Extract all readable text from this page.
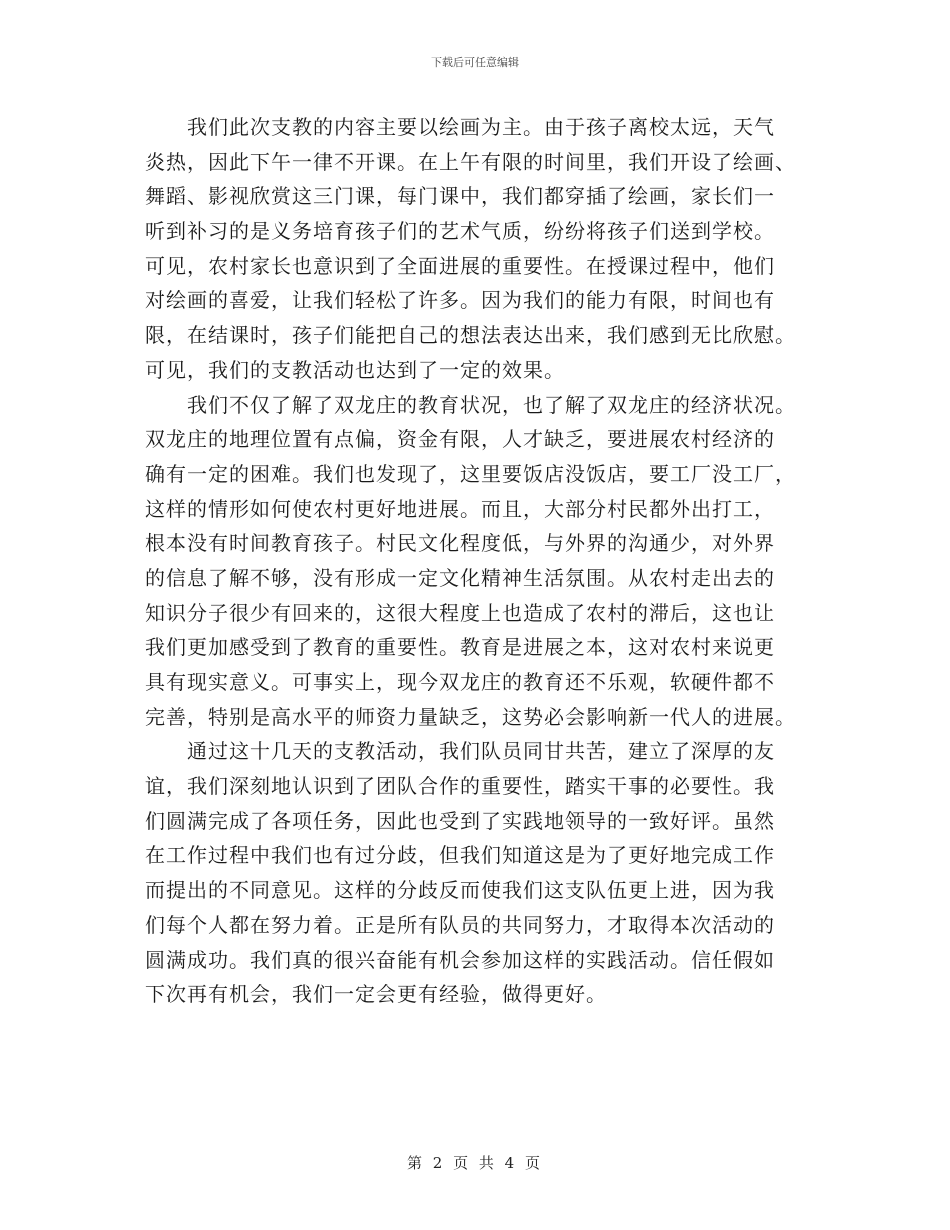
下载后可任意编辑
我们此次支教的内容主要以绘画为主。由于孩子离校太远，天气
炎热，因此下午一律不开课。在上午有限的时间里，我们开设了绘画、
舞蹈、影视欣赏这三门课，每门课中，我们都穿插了绘画，家长们一
听到补习的是义务培育孩子们的艺术气质，纷纷将孩子们送到学校。
可见，农村家长也意识到了全面进展的重要性。在授课过程中，他们
对绘画的喜爱，让我们轻松了许多。因为我们的能力有限，时间也有
限，在结课时，孩子们能把自己的想法表达出来，我们感到无比欣慰。
可见，我们的支教活动也达到了一定的效果。
我们不仅了解了双龙庄的教育状况，也了解了双龙庄的经济状况。
双龙庄的地理位置有点偏，资金有限，人才缺乏，要进展农村经济的
确有一定的困难。我们也发现了，这里要饭店没饭店，要工厂没工厂，
这样的情形如何使农村更好地进展。而且，大部分村民都外出打工，
根本没有时间教育孩子。村民文化程度低，与外界的沟通少，对外界
的信息了解不够，没有形成一定文化精神生活氛围。从农村走出去的
知识分子很少有回来的，这很大程度上也造成了农村的滞后，这也让
我们更加感受到了教育的重要性。教育是进展之本，这对农村来说更
具有现实意义。可事实上，现今双龙庄的教育还不乐观，软硬件都不
完善，特别是高水平的师资力量缺乏，这势必会影响新一代人的进展。
通过这十几天的支教活动，我们队员同甘共苦，建立了深厚的友
谊，我们深刻地认识到了团队合作的重要性，踏实干事的必要性。我
们圆满完成了各项任务，因此也受到了实践地领导的一致好评。虽然
在工作过程中我们也有过分歧，但我们知道这是为了更好地完成工作
而提出的不同意见。这样的分歧反而使我们这支队伍更上进，因为我
们每个人都在努力着。正是所有队员的共同努力，才取得本次活动的
圆满成功。我们真的很兴奋能有机会参加这样的实践活动。信任假如
下次再有机会，我们一定会更有经验，做得更好。
第 2 页 共 4 页
